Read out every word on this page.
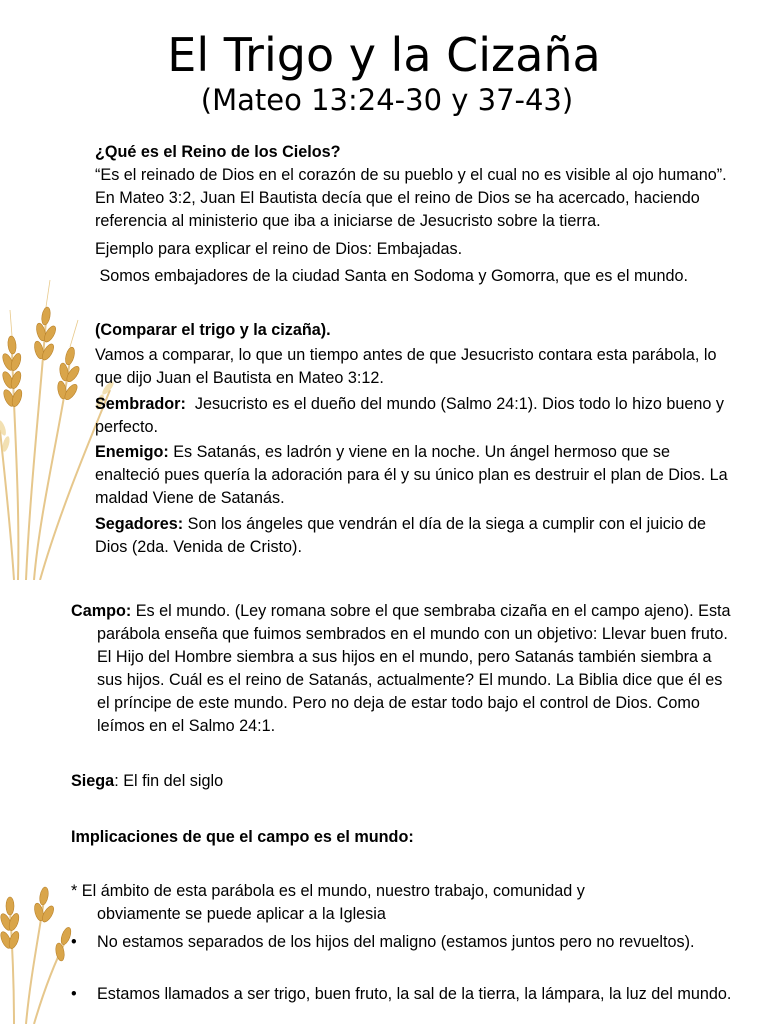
El Trigo y la Cizaña
(Mateo 13:24-30 y 37-43)

¿Qué es el Reino de los Cielos?

“Es el reinado de Dios en el corazón de su pueblo y el cual no es visible al ojo humano”. En Mateo 3:2, Juan El Bautista decía que el reino de Dios se ha acercado, haciendo referencia al ministerio que iba a iniciarse de Jesucristo sobre la tierra.

Ejemplo para explicar el reino de Dios: Embajadas.

Somos embajadores de la ciudad Santa en Sodoma y Gomorra, que es el mundo.

(Comparar el trigo y la cizaña).

Vamos a comparar, lo que un tiempo antes de que Jesucristo contara esta parábola, lo que dijo Juan el Bautista en Mateo 3:12.

Sembrador:  Jesucristo es el dueño del mundo (Salmo 24:1). Dios todo lo hizo bueno y perfecto.

Enemigo: Es Satanás, es ladrón y viene en la noche. Un ángel hermoso que se enalteció pues quería la adoración para él y su único plan es destruir el plan de Dios. La maldad Viene de Satanás.

Segadores: Son los ángeles que vendrán el día de la siega a cumplir con el juicio de Dios (2da. Venida de Cristo).

Campo: Es el mundo. (Ley romana sobre el que sembraba cizaña en el campo ajeno). Esta parábola enseña que fuimos sembrados en el mundo con un objetivo: Llevar buen fruto. El Hijo del Hombre siembra a sus hijos en el mundo, pero Satanás también siembra a sus hijos. Cuál es el reino de Satanás, actualmente? El mundo. La Biblia dice que él es el príncipe de este mundo. Pero no deja de estar todo bajo el control de Dios. Como leímos en el Salmo 24:1.

Siega: El fin del siglo

Implicaciones de que el campo es el mundo:

* El ámbito de esta parábola es el mundo, nuestro trabajo, comunidad y obviamente se puede aplicar a la Iglesia

•	No estamos separados de los hijos del maligno (estamos juntos pero no revueltos).
•	Estamos llamados a ser trigo, buen fruto, la sal de la tierra, la lámpara, la luz del mundo.
